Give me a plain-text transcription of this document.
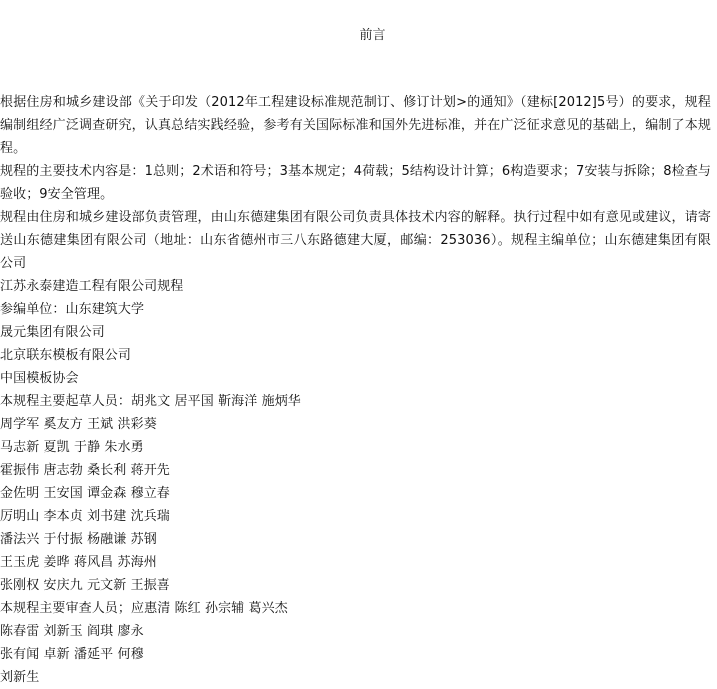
前言

根据住房和城乡建设部《关于印发（2012年工程建设标准规范制订、修订计划>的通知》（建标[2012]5号）的要求，规程编制组经广泛调查研究，认真总结实践经验，参考有关国际标准和国外先进标准，并在广泛征求意见的基础上，编制了本规程。

规程的主要技术内容是：1总则；2术语和符号；3基本规定；4荷载；5结构设计计算；6构造要求；7安装与拆除；8检查与验收；9安全管理。

规程由住房和城乡建设部负责管理，由山东德建集团有限公司负责具体技术内容的解释。执行过程中如有意见或建议，请寄送山东德建集团有限公司（地址：山东省德州市三八东路德建大厦，邮编：253036）。规程主编单位；山东德建集团有限公司

江苏永泰建造工程有限公司规程

参编单位：山东建筑大学

晟元集团有限公司

北京联东模板有限公司

中国模板协会

本规程主要起草人员：胡兆文 居平国 靳海洋 施炳华

周学军 奚友方 王斌 洪彩葵

马志新 夏凯 于静 朱水勇

霍振伟 唐志勃 桑长利 蒋开先

金佐明 王安国 谭金森 穆立春

厉明山 李本贞 刘书建 沈兵瑞

潘法兴 于付振 杨融谦 苏钢

王玉虎 姜晔 蒋风昌 苏海州

张刚权 安庆九 元文新 王振喜

本规程主要审查人员；应惠清 陈红 孙宗辅 葛兴杰

陈春雷 刘新玉 阎琪 廖永

张有闻 卓新 潘延平 何穆

刘新生
